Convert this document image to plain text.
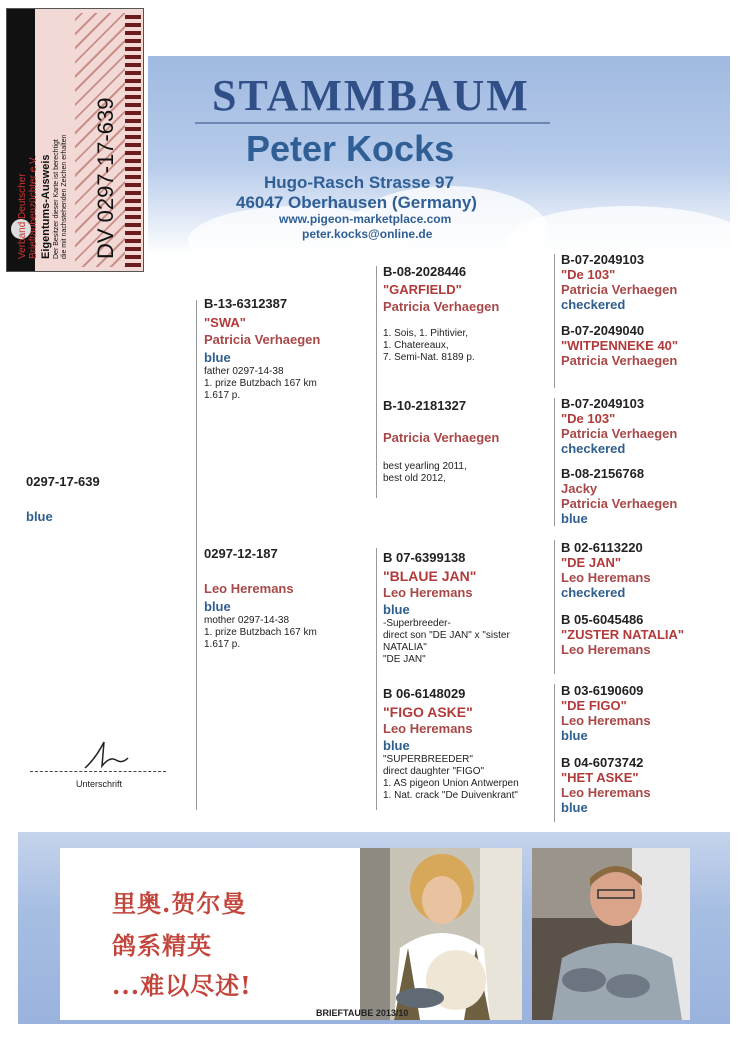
Verband Deutscher Brieftaubenzüchter e.V. Eigentums-Ausweis Der Besitzer dieser Karte ist berechtigt die mit nachstehenden Zeichen erhalten DV 0297-17-639
STAMMBAUM
Peter Kocks
Hugo-Rasch Strasse 97
46047 Oberhausen (Germany)
www.pigeon-marketplace.com
peter.kocks@online.de
0297-17-639
blue
Unterschrift
B-13-6312387
"SWA"
Patricia Verhaegen
blue
father 0297-14-38
1. prize Butzbach 167 km
1.617 p.
0297-12-187
Leo Heremans
blue
mother 0297-14-38
1. prize Butzbach 167 km
1.617 p.
B-08-2028446
"GARFIELD"
Patricia Verhaegen
1. Sois, 1. Pihtivier,
1. Chatereaux,
7. Semi-Nat. 8189 p.
B-10-2181327
Patricia Verhaegen
best yearling 2011,
best old 2012,
B 07-6399138
"BLAUE JAN"
Leo Heremans
blue
-Superbreeder-
direct son "DE JAN" x "sister
NATALIA"
"DE JAN"
B 06-6148029
"FIGO ASKE"
Leo Heremans
blue
"SUPERBREEDER"
direct daughter "FIGO"
1. AS pigeon Union Antwerpen
1. Nat. crack "De Duivenkrant"
B-07-2049103
"De 103"
Patricia Verhaegen
checkered
B-07-2049040
"WITPENNEKE 40"
Patricia Verhaegen
B-07-2049103
"De 103"
Patricia Verhaegen
checkered
B-08-2156768
Jacky
Patricia Verhaegen
blue
B 02-6113220
"DE JAN"
Leo Heremans
checkered
B 05-6045486
"ZUSTER NATALIA"
Leo Heremans
B 03-6190609
"DE FIGO"
Leo Heremans
blue
B 04-6073742
"HET ASKE"
Leo Heremans
blue
里奥.贺尔曼
鸽系精英
...难以尽述!
BRIEFTAUBE 2013/10
